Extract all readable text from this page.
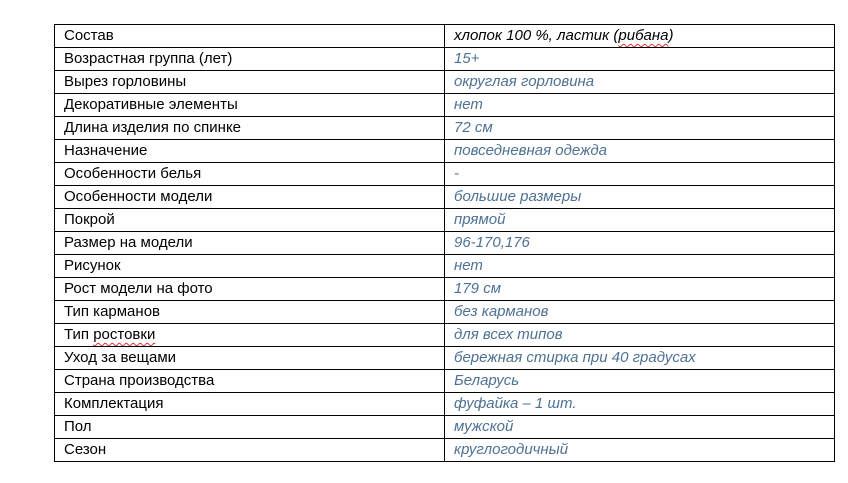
Состав	хлопок 100 %, ластик (рибана)
Возрастная группа (лет)	15+
Вырез горловины	округлая горловина
Декоративные элементы	нет
Длина изделия по спинке	72 см
Назначение	повседневная одежда
Особенности белья	-
Особенности модели	большие размеры
Покрой	прямой
Размер на модели	96-170,176
Рисунок	нет
Рост модели на фото	179 см
Тип карманов	без карманов
Тип ростовки	для всех типов
Уход за вещами	бережная стирка при 40 градусах
Страна производства	Беларусь
Комплектация	фуфайка – 1 шт.
Пол	мужской
Сезон	круглогодичный
